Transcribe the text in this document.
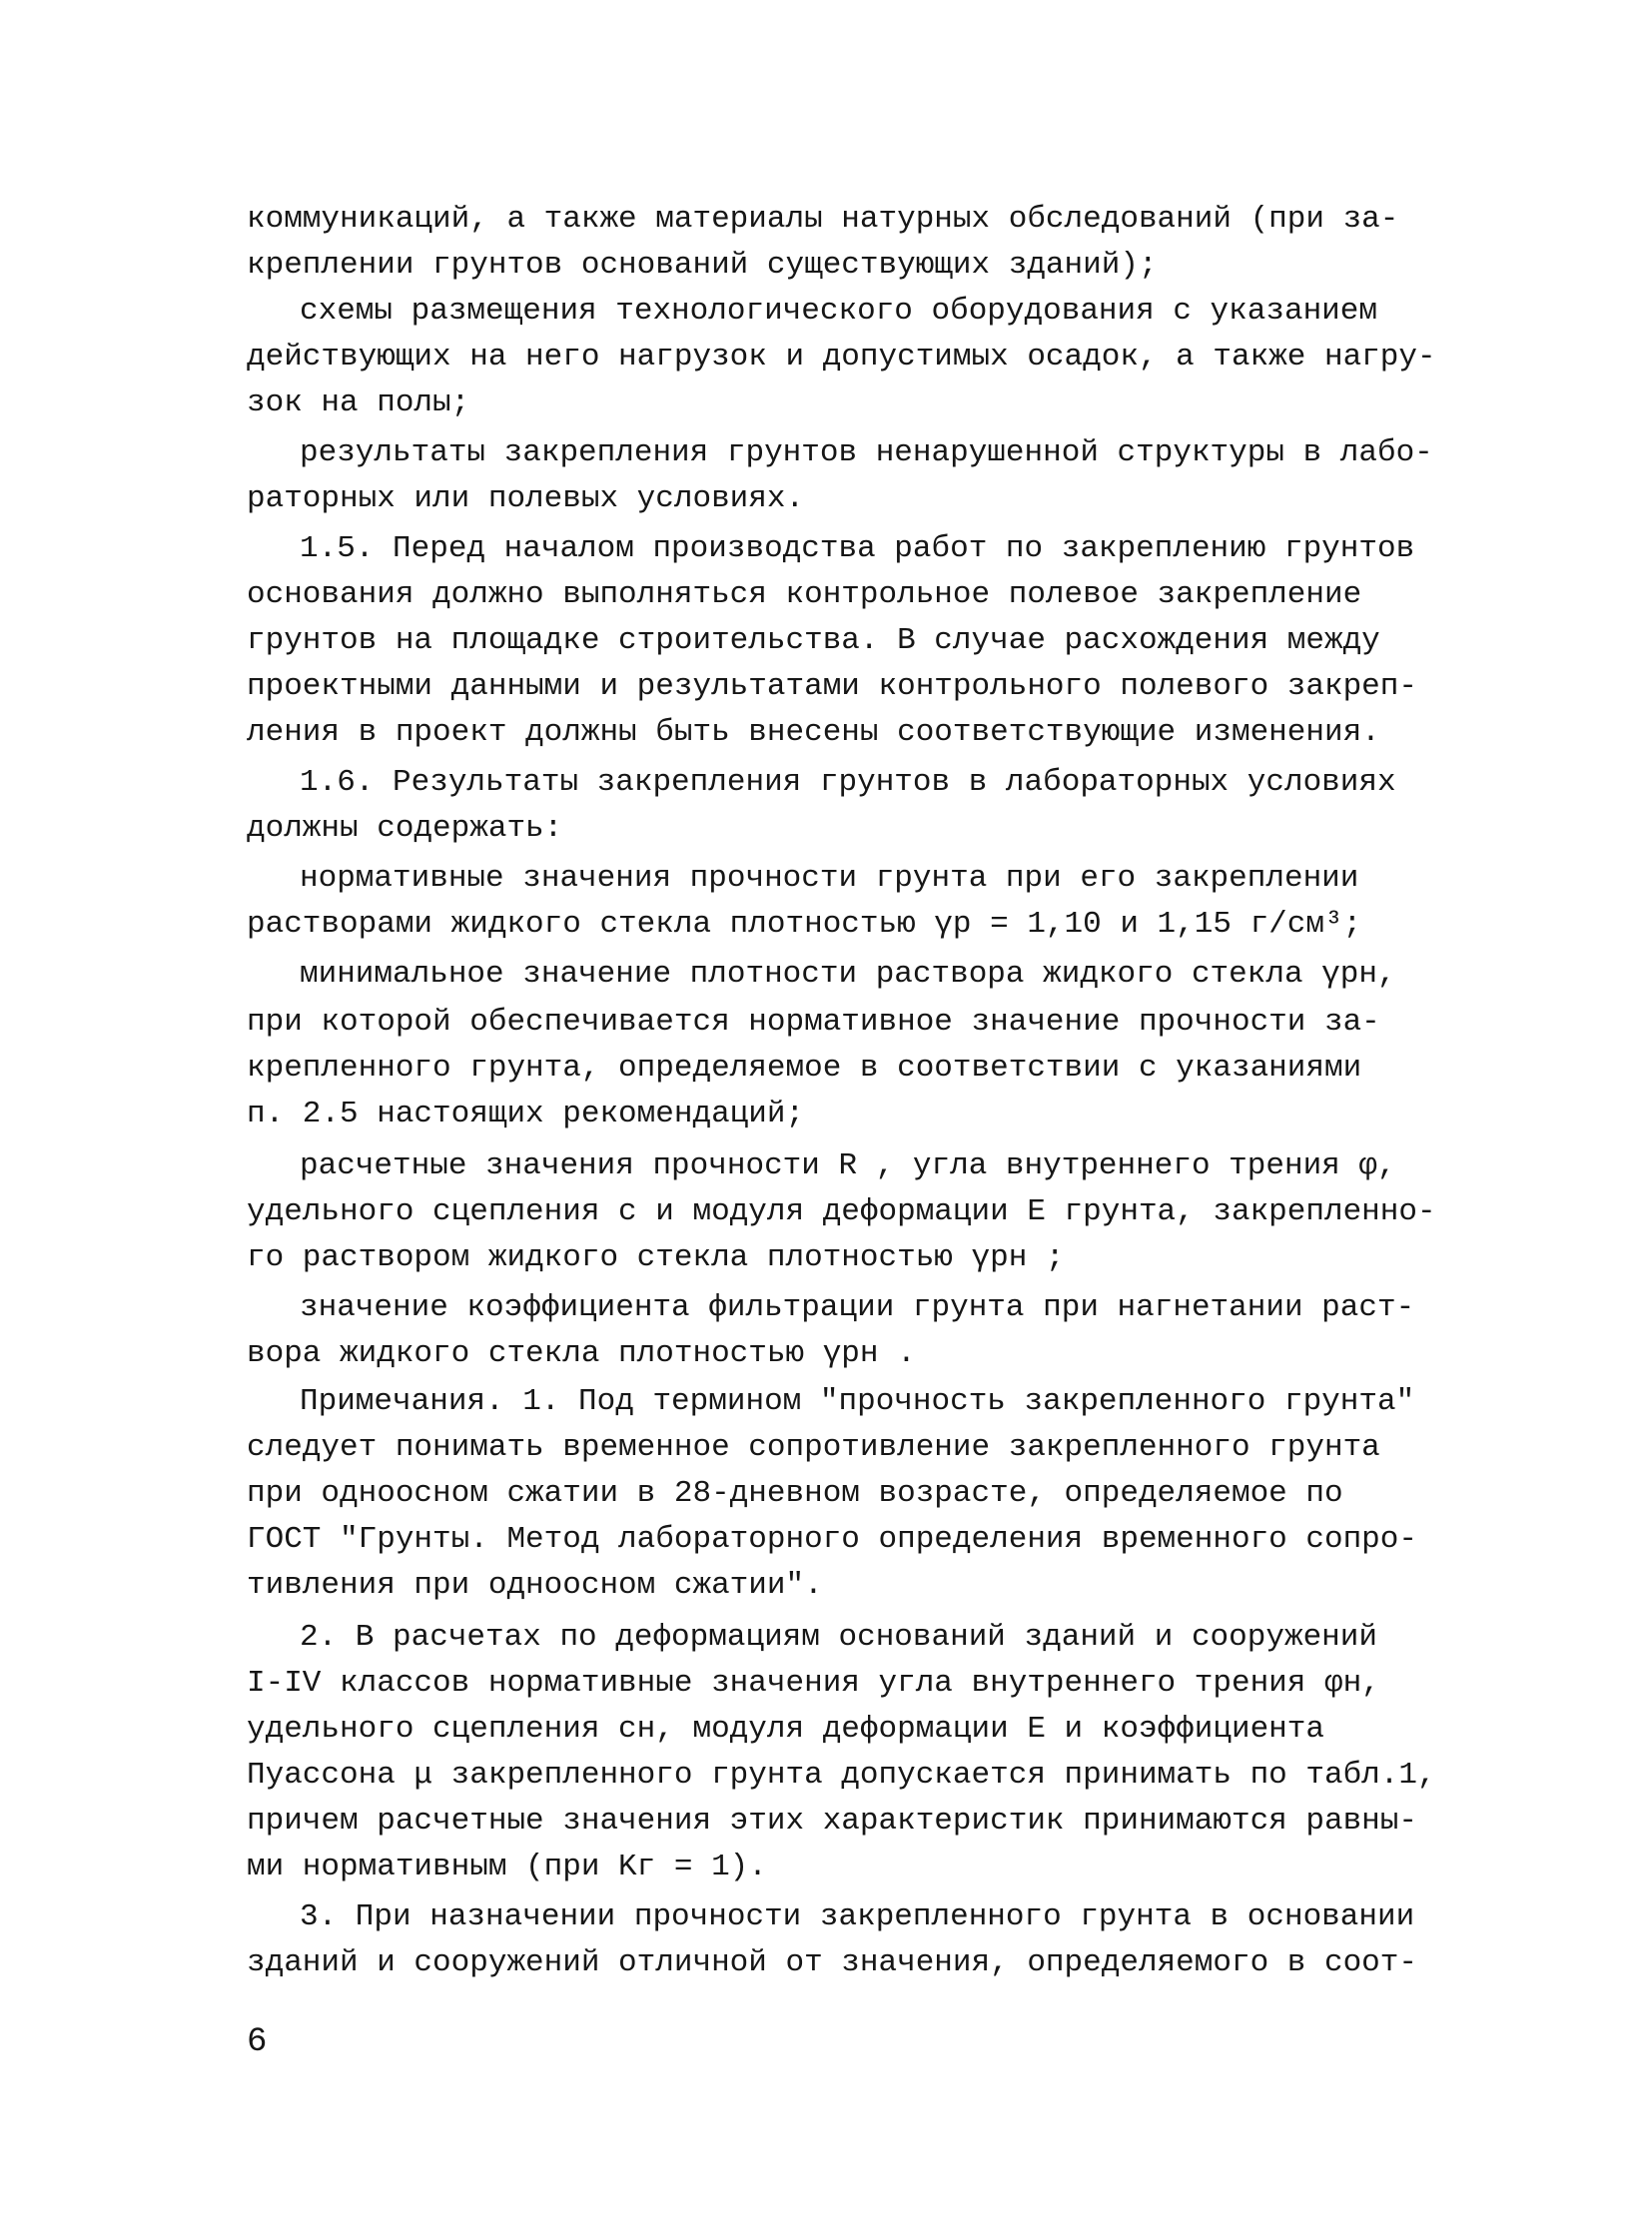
коммуникаций, а также материалы натурных обследований (при за-
креплении грунтов оснований существующих зданий);
схемы размещения технологического оборудования с указанием
действующих на него нагрузок и допустимых осадок, а также нагру-
зок на полы;
результаты закрепления грунтов ненарушенной структуры в лабо-
раторных или полевых условиях.
1.5. Перед началом производства работ по закреплению грунтов
основания должно выполняться контрольное полевое закрепление
грунтов на площадке строительства. В случае расхождения между
проектными данными и результатами контрольного полевого закреп-
ления в проект должны быть внесены соответствующие изменения.
1.6. Результаты закрепления грунтов в лабораторных условиях
должны содержать:
нормативные значения прочности грунта при его закреплении
растворами жидкого стекла плотностью γр = 1,10 и 1,15 г/см³;
минимальное значение плотности раствора жидкого стекла γрн,
при которой обеспечивается нормативное значение прочности за-
крепленного грунта, определяемое в соответствии с указаниями
п. 2.5 настоящих рекомендаций;
расчетные значения прочности R , угла внутреннего трения φ,
удельного сцепления c и модуля деформации E грунта, закрепленно-
го раствором жидкого стекла плотностью γрн ;
значение коэффициента фильтрации грунта при нагнетании раст-
вора жидкого стекла плотностью γрн .
Примечания. 1. Под термином "прочность закрепленного грунта"
следует понимать временное сопротивление закрепленного грунта
при одноосном сжатии в 28-дневном возрасте, определяемое по
ГОСТ "Грунты. Метод лабораторного определения временного сопро-
тивления при одноосном сжатии".
2. В расчетах по деформациям оснований зданий и сооружений
I-IV классов нормативные значения угла внутреннего трения φн,
удельного сцепления cн, модуля деформации E и коэффициента
Пуассона μ закрепленного грунта допускается принимать по табл.1,
причем расчетные значения этих характеристик принимаются равны-
ми нормативным (при Kг = 1).
3. При назначении прочности закрепленного грунта в основании
зданий и сооружений отличной от значения, определяемого в соот-
6
